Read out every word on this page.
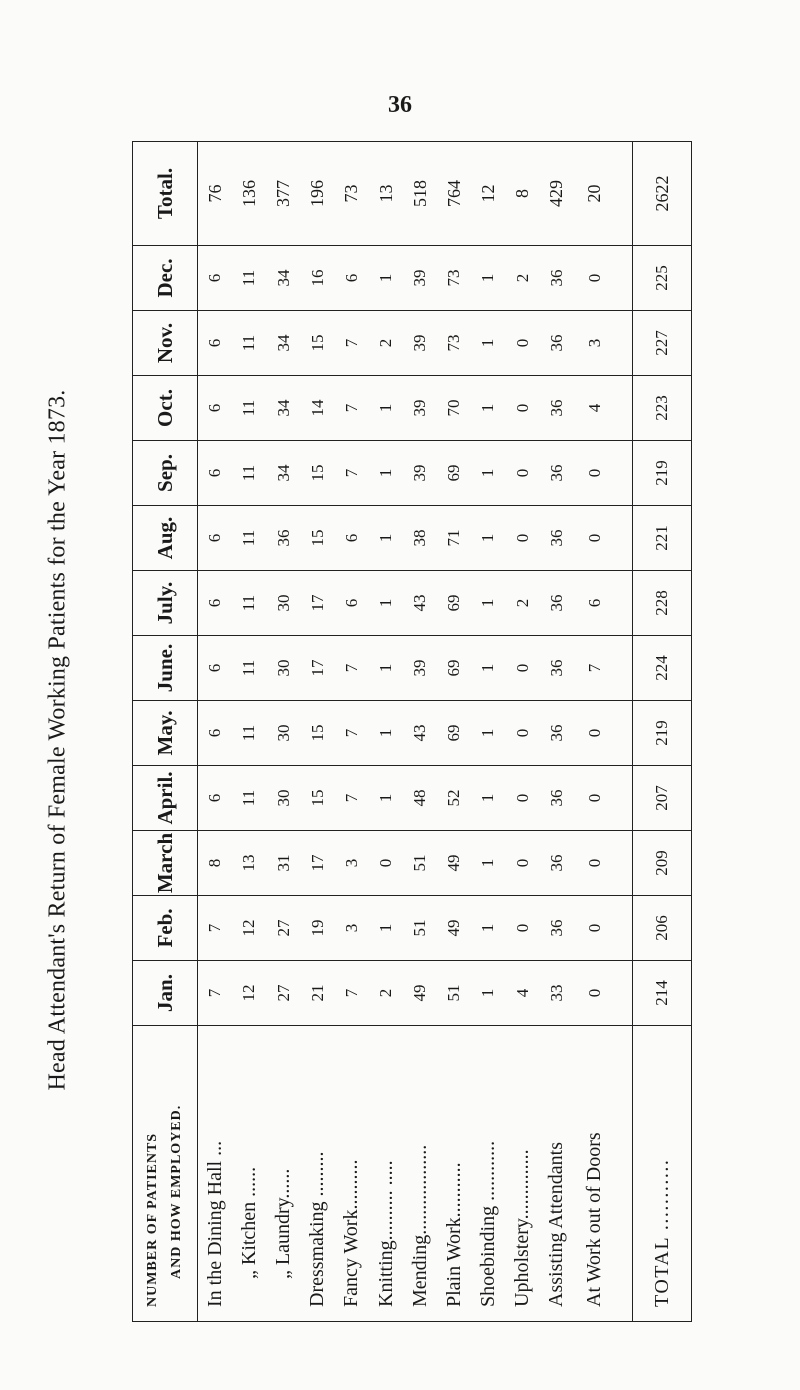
36
Head Attendant's Return of Female Working Patients for the Year 1873.
NUMBER OF PATIENTS AND HOW EMPLOYED.	Jan.	Feb.	March	April.	May.	June.	July.	Aug.	Sep.	Oct.	Nov.	Dec.	Total.
In the Dining Hall ...	7	7	8	6	6	6	6	6	6	6	6	6	76
„ Kitchen ......	12	12	13	11	11	11	11	11	11	11	11	11	136
„ Laundry......	27	27	31	30	30	30	30	36	34	34	34	34	377
Dressmaking .........	21	19	17	15	15	17	17	15	15	14	15	16	196
Fancy Work..........	7	3	3	7	7	7	6	6	7	7	7	6	73
Knitting.......... .....	2	1	0	1	1	1	1	1	1	1	2	1	13
Mending..................	49	51	51	48	43	39	43	38	39	39	39	39	518
Plain Work...........	51	49	49	52	69	69	69	71	69	70	73	73	764
Shoebinding ............	1	1	1	1	1	1	1	1	1	1	1	1	12
Upholstery..............	4	0	0	0	0	0	2	0	0	0	0	2	8
Assisting Attendants	33	36	36	36	36	36	36	36	36	36	36	36	429
At Work out of Doors	0	0	0	0	0	7	6	0	0	4	3	0	20
TOTAL ...........	214	206	209	207	219	224	228	221	219	223	227	225	2622
